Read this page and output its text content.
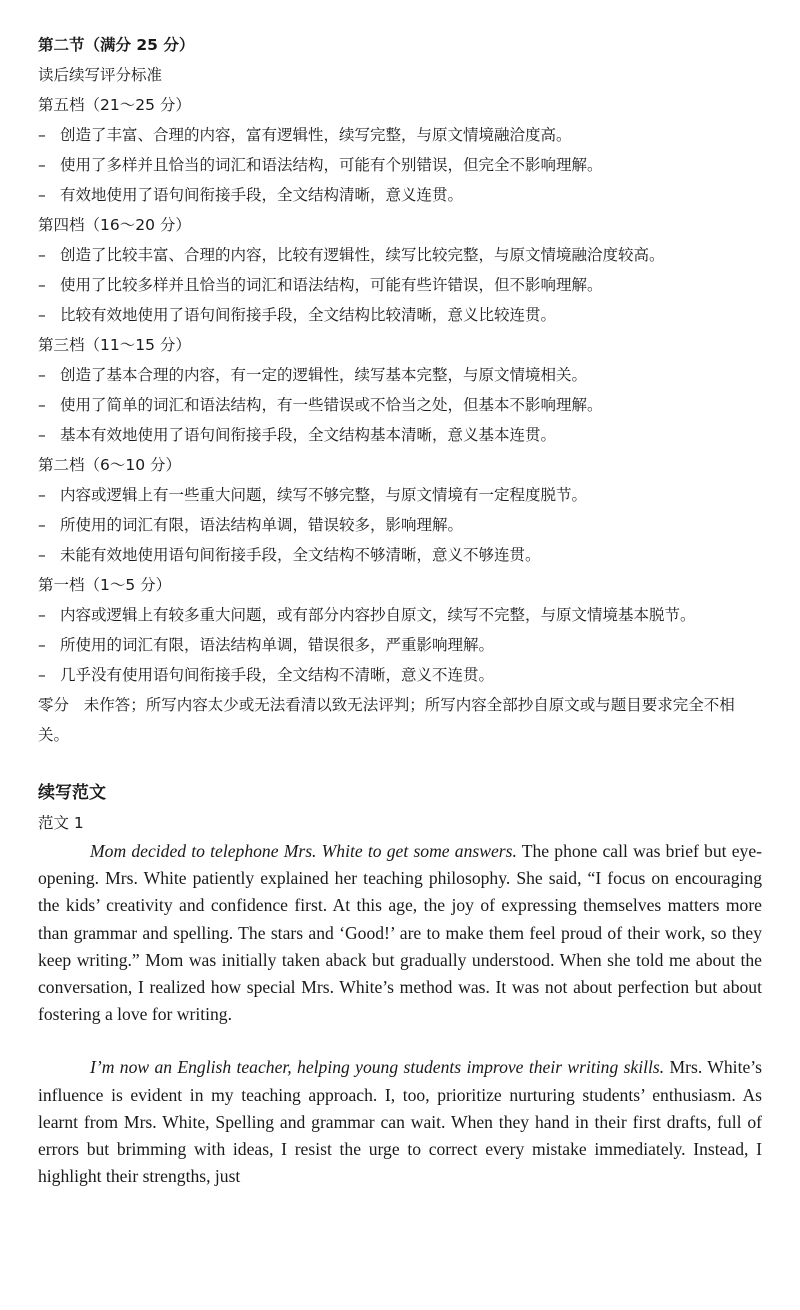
第二节（满分 25 分）
读后续写评分标准
第五档（21～25 分）
– 创造了丰富、合理的内容，富有逻辑性，续写完整，与原文情境融洽度高。
– 使用了多样并且恰当的词汇和语法结构，可能有个别错误，但完全不影响理解。
– 有效地使用了语句间衔接手段，全文结构清晰，意义连贯。
第四档（16～20 分）
– 创造了比较丰富、合理的内容，比较有逻辑性，续写比较完整，与原文情境融洽度较高。
– 使用了比较多样并且恰当的词汇和语法结构，可能有些许错误，但不影响理解。
– 比较有效地使用了语句间衔接手段，全文结构比较清晰，意义比较连贯。
第三档（11～15 分）
– 创造了基本合理的内容，有一定的逻辑性，续写基本完整，与原文情境相关。
– 使用了简单的词汇和语法结构，有一些错误或不恰当之处，但基本不影响理解。
– 基本有效地使用了语句间衔接手段，全文结构基本清晰，意义基本连贯。
第二档（6～10 分）
– 内容或逻辑上有一些重大问题，续写不够完整，与原文情境有一定程度脱节。
– 所使用的词汇有限，语法结构单调，错误较多，影响理解。
– 未能有效地使用语句间衔接手段，全文结构不够清晰，意义不够连贯。
第一档（1～5 分）
– 内容或逻辑上有较多重大问题，或有部分内容抄自原文，续写不完整，与原文情境基本脱节。
– 所使用的词汇有限，语法结构单调，错误很多，严重影响理解。
– 几乎没有使用语句间衔接手段，全文结构不清晰，意义不连贯。
零分 未作答；所写内容太少或无法看清以致无法评判；所写内容全部抄自原文或与题目要求完全不相关。
续写范文
范文 1

Mom decided to telephone Mrs. White to get some answers. The phone call was brief but eye-opening. Mrs. White patiently explained her teaching philosophy. She said, “I focus on encouraging the kids’ creativity and confidence first. At this age, the joy of expressing themselves matters more than grammar and spelling. The stars and ‘Good!’ are to make them feel proud of their work, so they keep writing.” Mom was initially taken aback but gradually understood. When she told me about the conversation, I realized how special Mrs. White’s method was. It was not about perfection but about fostering a love for writing.

I’m now an English teacher, helping young students improve their writing skills. Mrs. White’s influence is evident in my teaching approach. I, too, prioritize nurturing students’ enthusiasm. As learnt from Mrs. White, Spelling and grammar can wait. When they hand in their first drafts, full of errors but brimming with ideas, I resist the urge to correct every mistake immediately. Instead, I highlight their strengths, just
